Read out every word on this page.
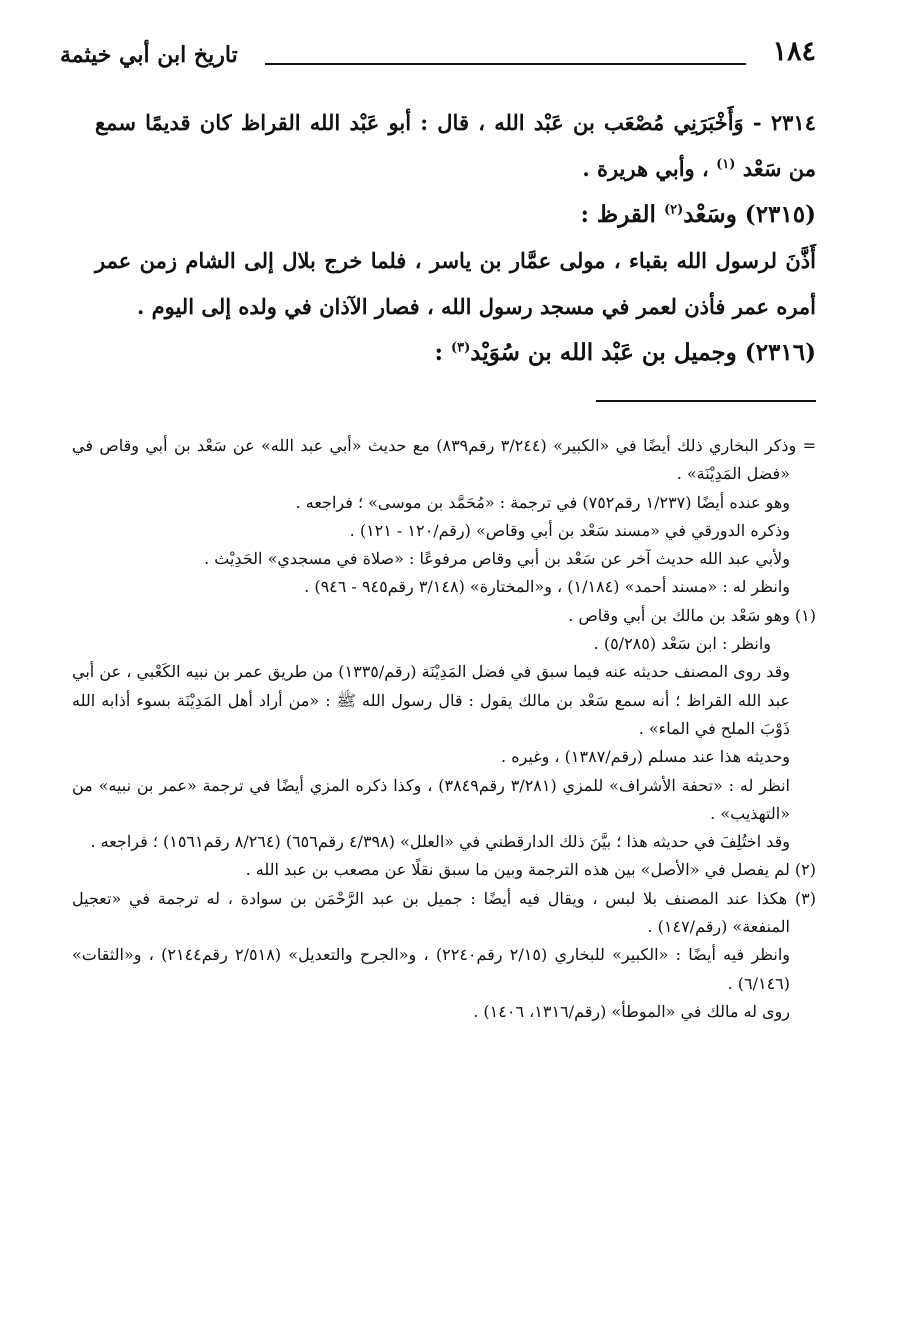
١٨٤
تاريخ ابن أبي خيثمة

٢٣١٤ - وَأَخْبَرَنِي مُصْعَب بن عَبْد الله ، قال : أبو عَبْد الله القراظ كان قديمًا سمع من سَعْد $^{(١)}$ ، وأبي هريرة .

(٢٣١٥) وسَعْد$^{(٢)}$ القرظ :

أَذَّنَ لرسول الله بقباء ، مولى عمَّار بن ياسر ، فلما خرج بلال إلى الشام زمن عمر أمره عمر فأذن لعمر في مسجد رسول الله ، فصار الآذان في ولده إلى اليوم .

(٢٣١٦) وجميل بن عَبْد الله بن سُوَيْد$^{(٣)}$ :

= وذكر البخاري ذلك أيضًا في «الكبير» (٣/٢٤٤ رقم٨٣٩) مع حديث «أبي عبد الله» عن سَعْد بن أبي وقاص في «فضل المَدِيْنَة» .

وهو عنده أيضًا (١/٢٣٧ رقم٧٥٢) في ترجمة : «مُحَمَّد بن موسى» ؛ فراجعه .

وذكره الدورقي في «مسند سَعْد بن أبي وقاص» (رقم/١٢٠ - ١٢١) .

ولأبي عبد الله حديث آخر عن سَعْد بن أبي وقاص مرفوعًا : «صلاة في مسجدي» الحَدِيْث .

وانظر له : «مسند أحمد» (١/١٨٤) ، و«المختارة» (٣/١٤٨ رقم٩٤٥ - ٩٤٦) .

(١) وهو سَعْد بن مالك بن أبي وقاص .

وانظر : ابن سَعْد (٥/٢٨٥) .

وقد روى المصنف حديثه عنه فيما سبق في فضل المَدِيْنَة (رقم/١٣٣٥) من طريق عمر بن نبيه الكَعْبي ، عن أبي عبد الله القراظ ؛ أنه سمع سَعْد بن مالك يقول : قال رسول الله ﷺ : «من أراد أهل المَدِيْنَة بسوء أذابه الله ذَوْبَ الملح في الماء» .

وحديثه هذا عند مسلم (رقم/١٣٨٧) ، وغيره .

انظر له : «تحفة الأشراف» للمزي (٣/٢٨١ رقم٣٨٤٩) ، وكذا ذكره المزي أيضًا في ترجمة «عمر بن نبيه» من «التهذيب» .

وقد اختُلِفَ في حديثه هذا ؛ بيَّنَ ذلك الدارقطني في «العلل» (٤/٣٩٨ رقم٦٥٦) (٨/٢٦٤ رقم١٥٦١) ؛ فراجعه .

(٢) لم يفصل في «الأصل» بين هذه الترجمة وبين ما سبق نقلًا عن مصعب بن عبد الله .

(٣) هكذا عند المصنف بلا لبس ، ويقال فيه أيضًا : جميل بن عبد الرَّحْمَن بن سوادة ، له ترجمة في «تعجيل المنفعة» (رقم/١٤٧) .

وانظر فيه أيضًا : «الكبير» للبخاري (٢/١٥ رقم٢٢٤٠) ، و«الجرح والتعديل» (٢/٥١٨ رقم٢١٤٤) ، و«الثقات» (٦/١٤٦) .

روى له مالك في «الموطأ» (رقم/١٣١٦، ١٤٠٦) .
